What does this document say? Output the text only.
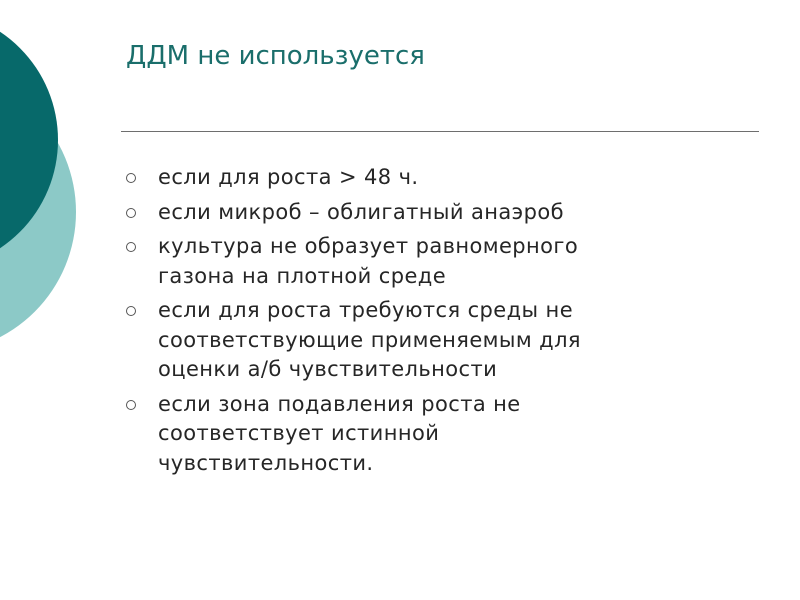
ДДМ не используется
если для роста > 48 ч.
если микроб – облигатный анаэроб
культура не образует равномерного
газона на плотной среде
если для роста требуются среды не
соответствующие применяемым для
оценки а/б чувствительности
если зона подавления роста не
соответствует истинной
чувствительности.
